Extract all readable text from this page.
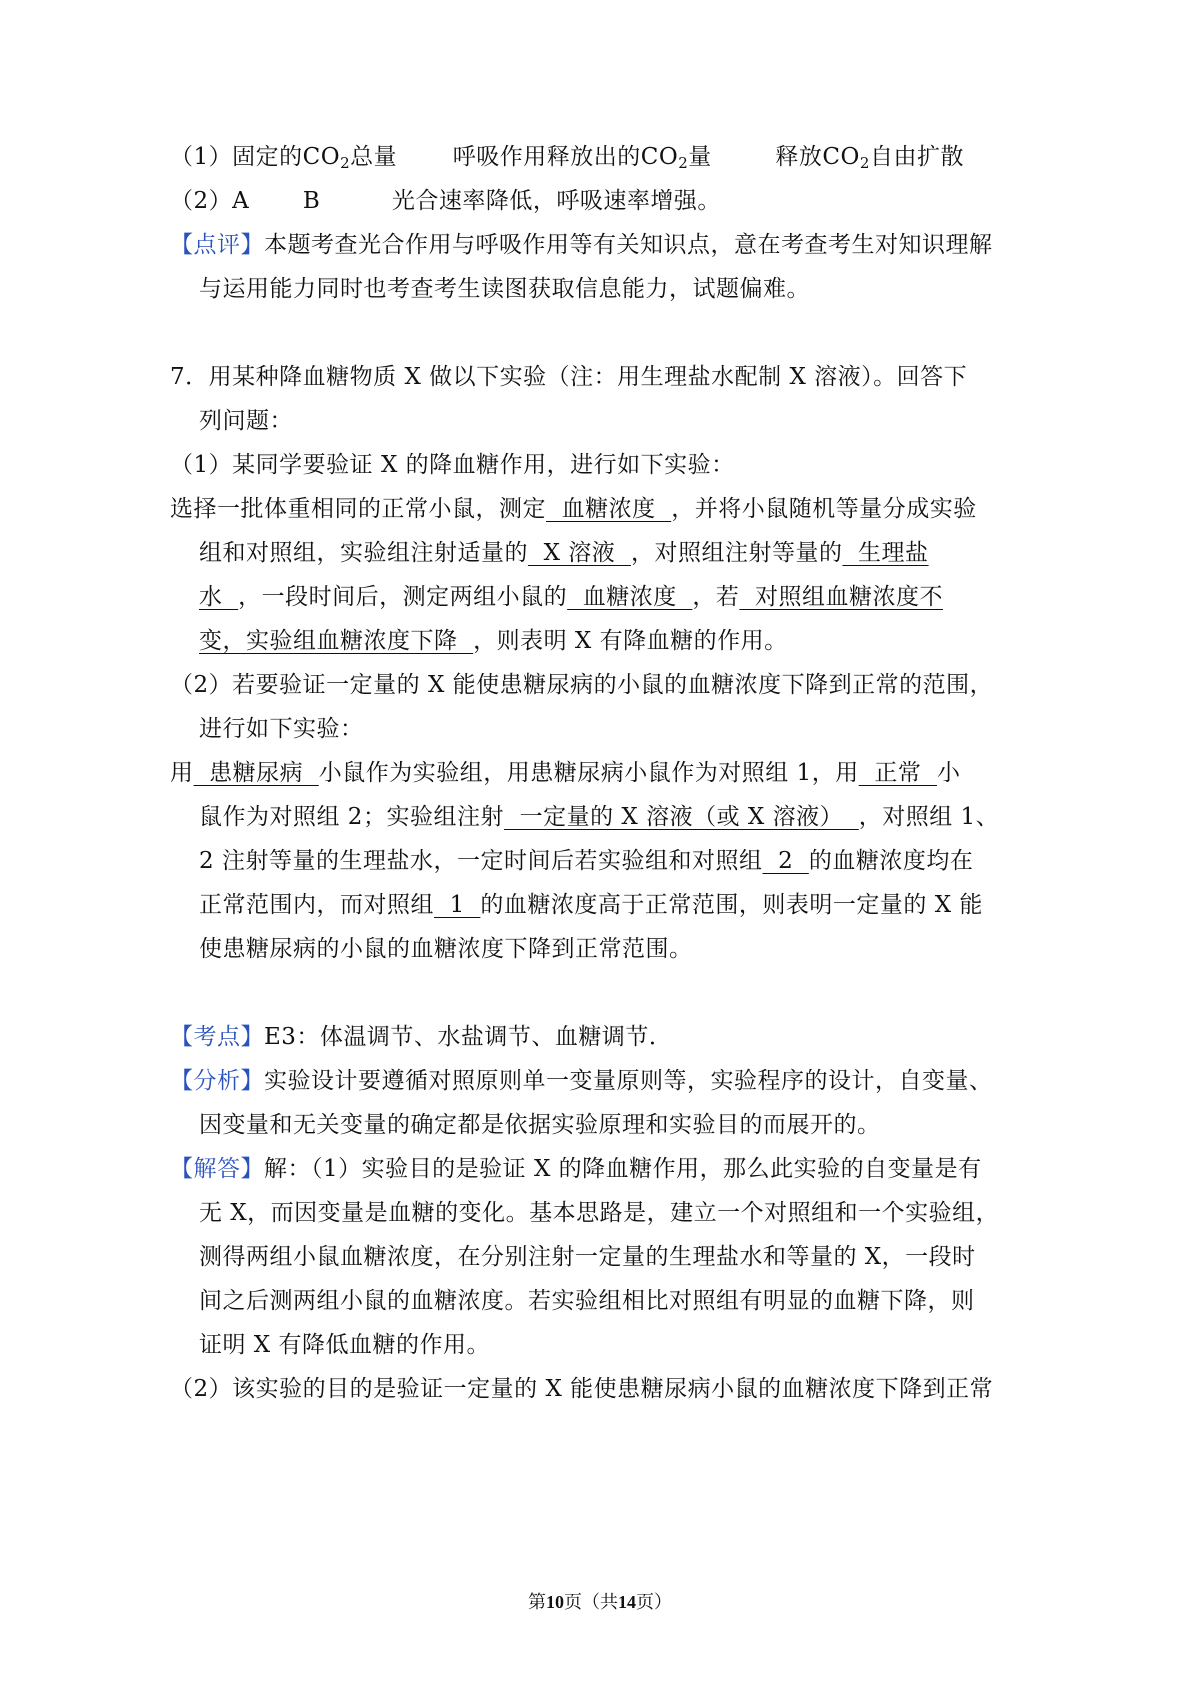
（1）固定的$CO_2$总量 呼吸作用释放出的$CO_2$量	释放$CO_2$自由扩散
（2）A B	光合速率降低，呼吸速率增强。
【点评】本题考查光合作用与呼吸作用等有关知识点，意在考查考生对知识理解
与运用能力同时也考查考生读图获取信息能力，试题偏难。
7．用某种降血糖物质 X 做以下实验（注：用生理盐水配制 X 溶液）。回答下
列问题：
（1）某同学要验证 X 的降血糖作用，进行如下实验：
选择一批体重相同的正常小鼠，测定  血糖浓度  ，并将小鼠随机等量分成实验
组和对照组，实验组注射适量的  X 溶液  ，对照组注射等量的  生理盐
水  ，一段时间后，测定两组小鼠的  血糖浓度  ，若  对照组血糖浓度不
变，实验组血糖浓度下降  ，则表明 X 有降血糖的作用。
（2）若要验证一定量的 X 能使患糖尿病的小鼠的血糖浓度下降到正常的范围，
进行如下实验：
用  患糖尿病  小鼠作为实验组，用患糖尿病小鼠作为对照组 1，用  正常  小
鼠作为对照组 2；实验组注射  一定量的 X 溶液（或 X 溶液）  ，对照组 1、
2 注射等量的生理盐水，一定时间后若实验组和对照组  2  的血糖浓度均在
正常范围内，而对照组  1  的血糖浓度高于正常范围，则表明一定量的 X 能
使患糖尿病的小鼠的血糖浓度下降到正常范围。
【考点】E3：体温调节、水盐调节、血糖调节．
【分析】实验设计要遵循对照原则单一变量原则等，实验程序的设计，自变量、
因变量和无关变量的确定都是依据实验原理和实验目的而展开的。
【解答】解：（1）实验目的是验证 X 的降血糖作用，那么此实验的自变量是有
无 X，而因变量是血糖的变化。基本思路是，建立一个对照组和一个实验组，
测得两组小鼠血糖浓度，在分别注射一定量的生理盐水和等量的 X，一段时
间之后测两组小鼠的血糖浓度。若实验组相比对照组有明显的血糖下降，则
证明 X 有降低血糖的作用。
（2）该实验的目的是验证一定量的 X 能使患糖尿病小鼠的血糖浓度下降到正常
第10页（共14页）
